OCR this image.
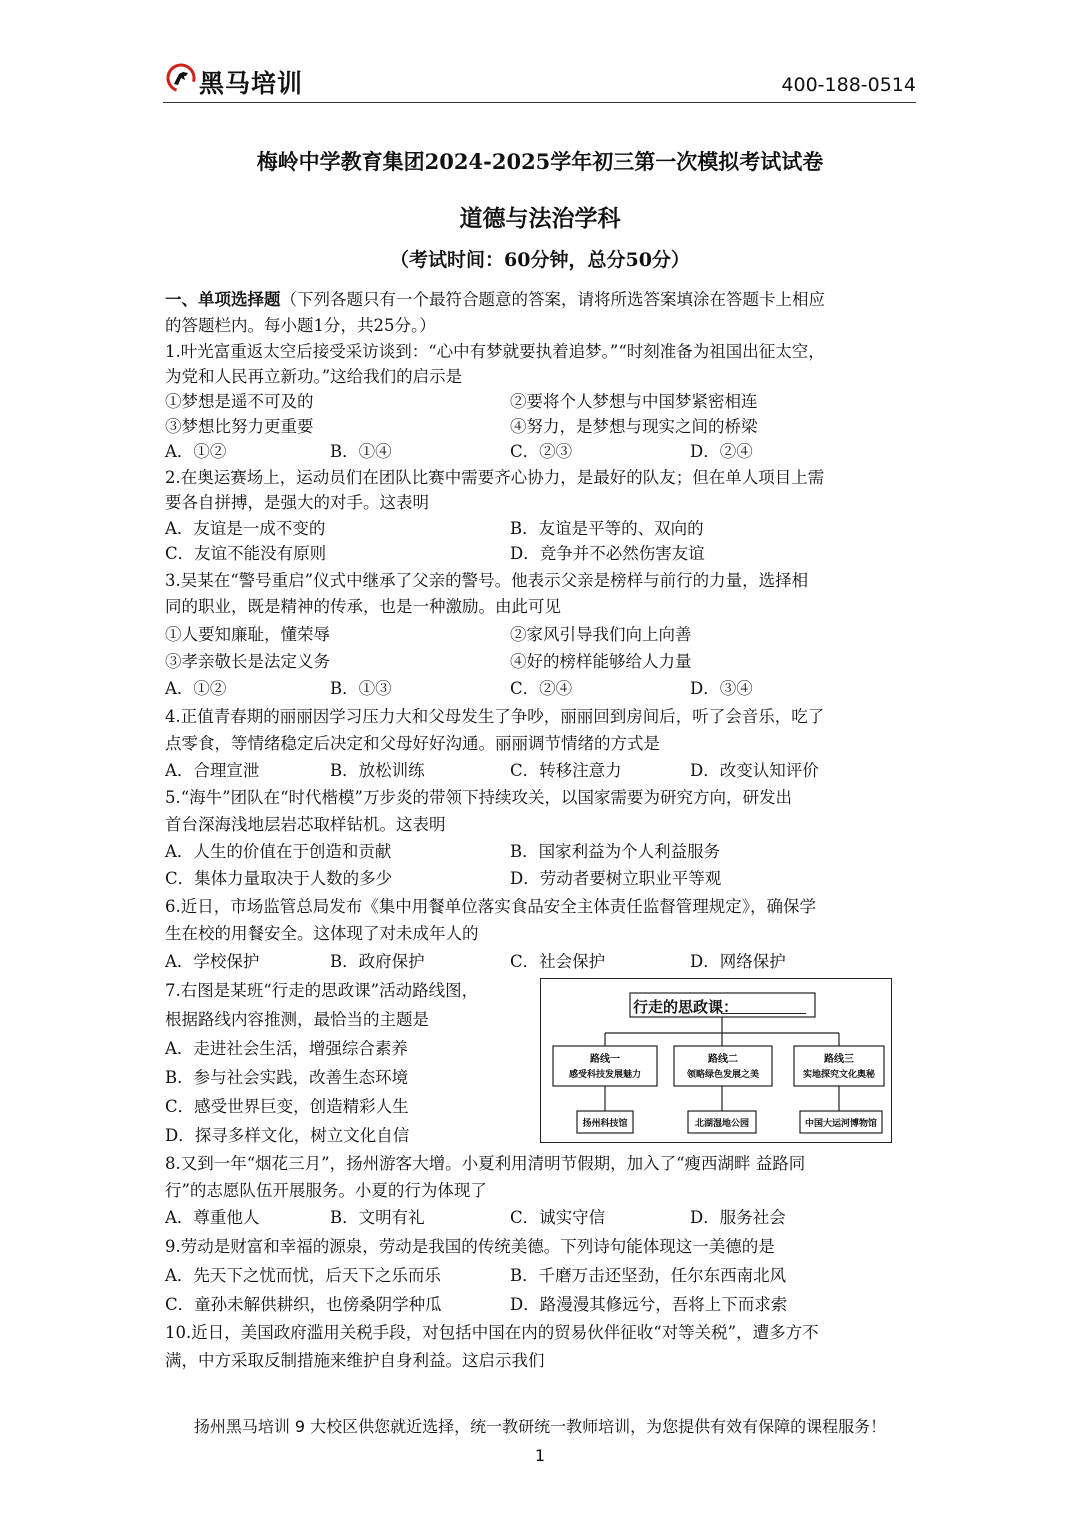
黑马培训	400-188-0514
梅岭中学教育集团2024-2025学年初三第一次模拟考试试卷
道德与法治学科
（考试时间：60分钟，总分50分）
一、单项选择题（下列各题只有一个最符合题意的答案，请将所选答案填涂在答题卡上相应
的答题栏内。每小题1分，共25分。）
1.叶光富重返太空后接受采访谈到：“心中有梦就要执着追梦。”“时刻准备为祖国出征太空，
为党和人民再立新功。”这给我们的启示是
①梦想是遥不可及的	②要将个人梦想与中国梦紧密相连
③梦想比努力更重要	④努力，是梦想与现实之间的桥梁
A．①②	B．①④	C．②③	D．②④
2.在奥运赛场上，运动员们在团队比赛中需要齐心协力，是最好的队友；但在单人项目上需
要各自拼搏，是强大的对手。这表明
A．友谊是一成不变的	B．友谊是平等的、双向的
C．友谊不能没有原则	D．竞争并不必然伤害友谊
3.吴某在“警号重启”仪式中继承了父亲的警号。他表示父亲是榜样与前行的力量，选择相
同的职业，既是精神的传承，也是一种激励。由此可见
①人要知廉耻，懂荣辱	②家风引导我们向上向善
③孝亲敬长是法定义务	④好的榜样能够给人力量
A．①②	B．①③	C．②④	D．③④
4.正值青春期的丽丽因学习压力大和父母发生了争吵，丽丽回到房间后，听了会音乐，吃了
点零食，等情绪稳定后决定和父母好好沟通。丽丽调节情绪的方式是
A．合理宣泄	B．放松训练	C．转移注意力	D．改变认知评价
5.“海牛”团队在“时代楷模”万步炎的带领下持续攻关，以国家需要为研究方向，研发出
首台深海浅地层岩芯取样钻机。这表明
A．人生的价值在于创造和贡献	B．国家利益为个人利益服务
C．集体力量取决于人数的多少	D．劳动者要树立职业平等观
6.近日，市场监管总局发布《集中用餐单位落实食品安全主体责任监督管理规定》，确保学
生在校的用餐安全。这体现了对未成年人的
A．学校保护	B．政府保护	C．社会保护	D．网络保护
7.右图是某班“行走的思政课”活动路线图，
根据路线内容推测，最恰当的主题是
A．走进社会生活，增强综合素养
B．参与社会实践，改善生态环境
C．感受世界巨变，创造精彩人生
D．探寻多样文化，树立文化自信
行走的思政课：
路线一
感受科技发展魅力
路线二
领略绿色发展之美
路线三
实地探究文化奥秘
扬州科技馆	北湖湿地公园	中国大运河博物馆
8.又到一年“烟花三月”，扬州游客大增。小夏利用清明节假期，加入了“瘦西湖畔 益路同
行”的志愿队伍开展服务。小夏的行为体现了
A．尊重他人	B．文明有礼	C．诚实守信	D．服务社会
9.劳动是财富和幸福的源泉，劳动是我国的传统美德。下列诗句能体现这一美德的是
A．先天下之忧而忧，后天下之乐而乐	B．千磨万击还坚劲，任尔东西南北风
C．童孙未解供耕织，也傍桑阴学种瓜	D．路漫漫其修远兮，吾将上下而求索
10.近日，美国政府滥用关税手段，对包括中国在内的贸易伙伴征收“对等关税”，遭多方不
满，中方采取反制措施来维护自身利益。这启示我们
扬州黑马培训 9 大校区供您就近选择，统一教研统一教师培训，为您提供有效有保障的课程服务！
1
